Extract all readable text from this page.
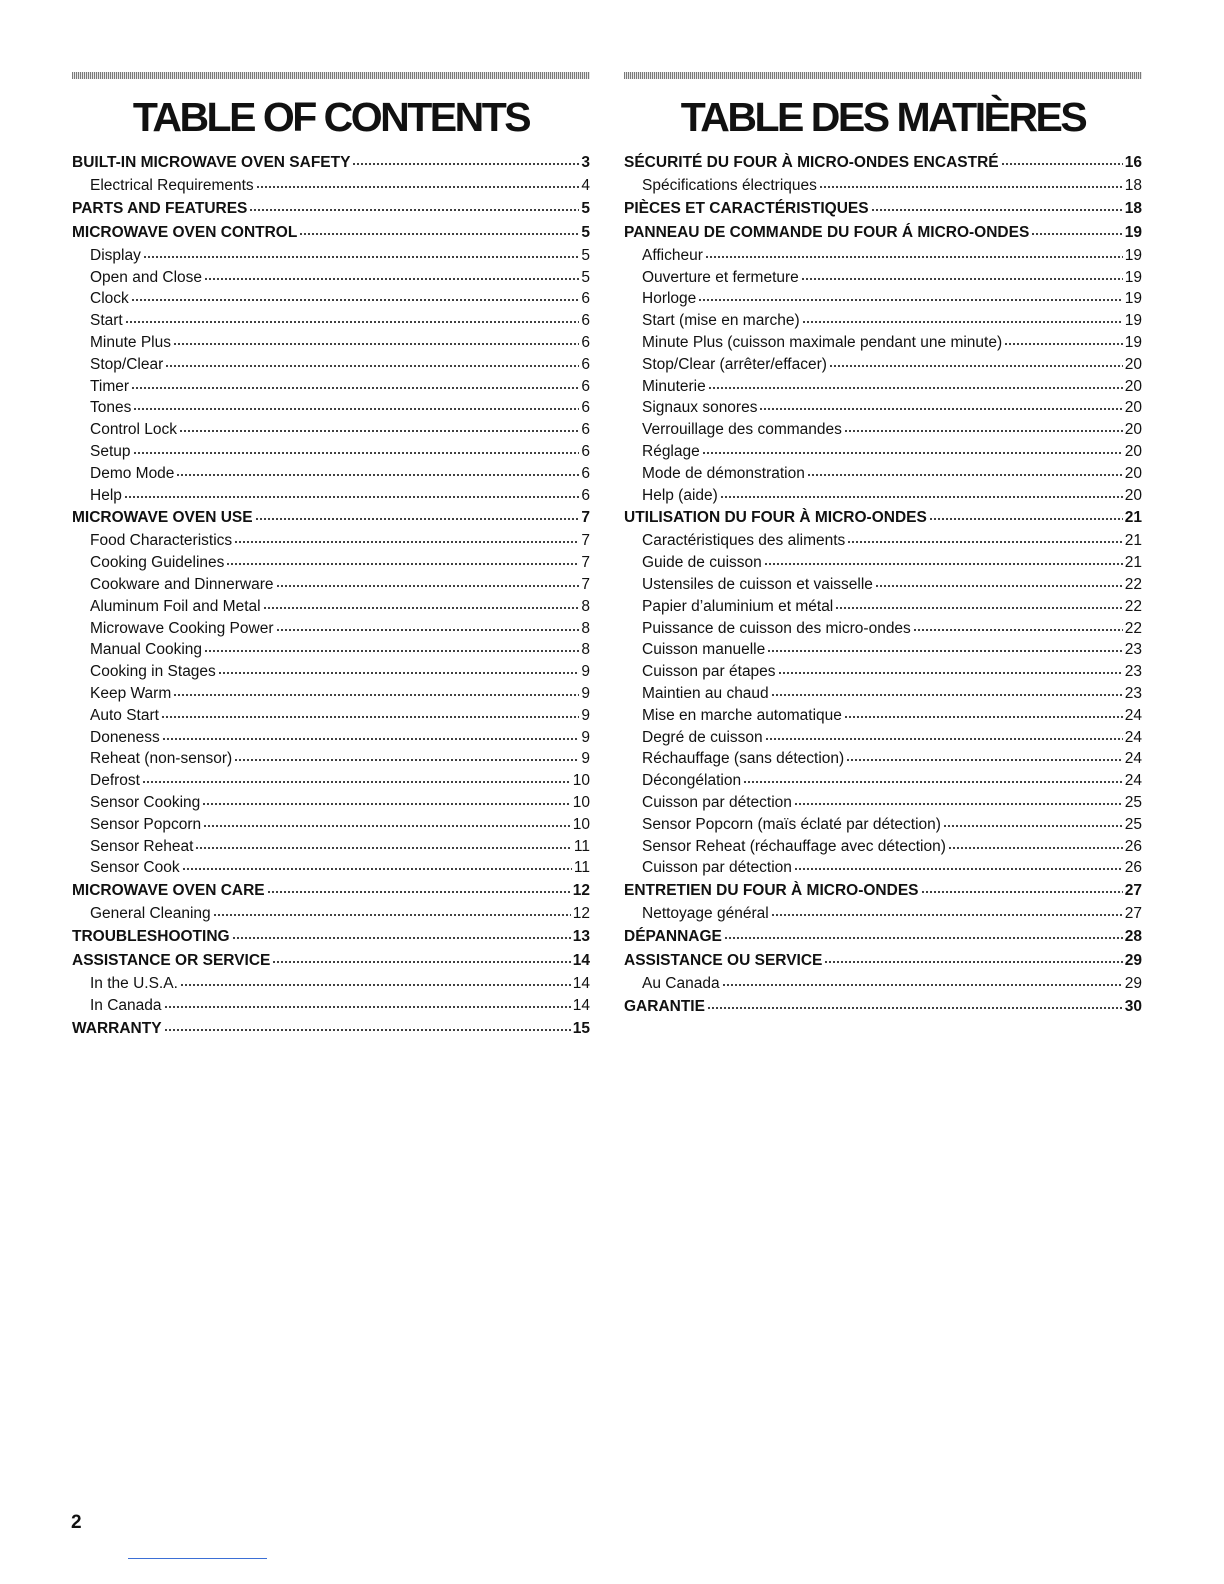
TABLE OF CONTENTS
BUILT-IN MICROWAVE OVEN SAFETY	3
Electrical Requirements	4
PARTS AND FEATURES	5
MICROWAVE OVEN CONTROL	5
Display	5
Open and Close	5
Clock	6
Start	6
Minute Plus	6
Stop/Clear	6
Timer	6
Tones	6
Control Lock	6
Setup	6
Demo Mode	6
Help	6
MICROWAVE OVEN USE	7
Food Characteristics	7
Cooking Guidelines	7
Cookware and Dinnerware	7
Aluminum Foil and Metal	8
Microwave Cooking Power	8
Manual Cooking	8
Cooking in Stages	9
Keep Warm	9
Auto Start	9
Doneness	9
Reheat (non-sensor)	9
Defrost	10
Sensor Cooking	10
Sensor Popcorn	10
Sensor Reheat	11
Sensor Cook	11
MICROWAVE OVEN CARE	12
General Cleaning	12
TROUBLESHOOTING	13
ASSISTANCE OR SERVICE	14
In the U.S.A.	14
In Canada	14
WARRANTY	15
TABLE DES MATIÈRES
SÉCURITÉ DU FOUR À MICRO-ONDES ENCASTRÉ	16
Spécifications électriques	18
PIÈCES ET CARACTÉRISTIQUES	18
PANNEAU DE COMMANDE DU FOUR Á MICRO-ONDES	19
Afficheur	19
Ouverture et fermeture	19
Horloge	19
Start (mise en marche)	19
Minute Plus (cuisson maximale pendant une minute)	19
Stop/Clear (arrêter/effacer)	20
Minuterie	20
Signaux sonores	20
Verrouillage des commandes	20
Réglage	20
Mode de démonstration	20
Help (aide)	20
UTILISATION DU FOUR À MICRO-ONDES	21
Caractéristiques des aliments	21
Guide de cuisson	21
Ustensiles de cuisson et vaisselle	22
Papier d’aluminium et métal	22
Puissance de cuisson des micro-ondes	22
Cuisson manuelle	23
Cuisson par étapes	23
Maintien au chaud	23
Mise en marche automatique	24
Degré de cuisson	24
Réchauffage (sans détection)	24
Décongélation	24
Cuisson par détection	25
Sensor Popcorn (maïs éclaté par détection)	25
Sensor Reheat (réchauffage avec détection)	26
Cuisson par détection	26
ENTRETIEN DU FOUR À MICRO-ONDES	27
Nettoyage général	27
DÉPANNAGE	28
ASSISTANCE OU SERVICE	29
Au Canada	29
GARANTIE	30
2
